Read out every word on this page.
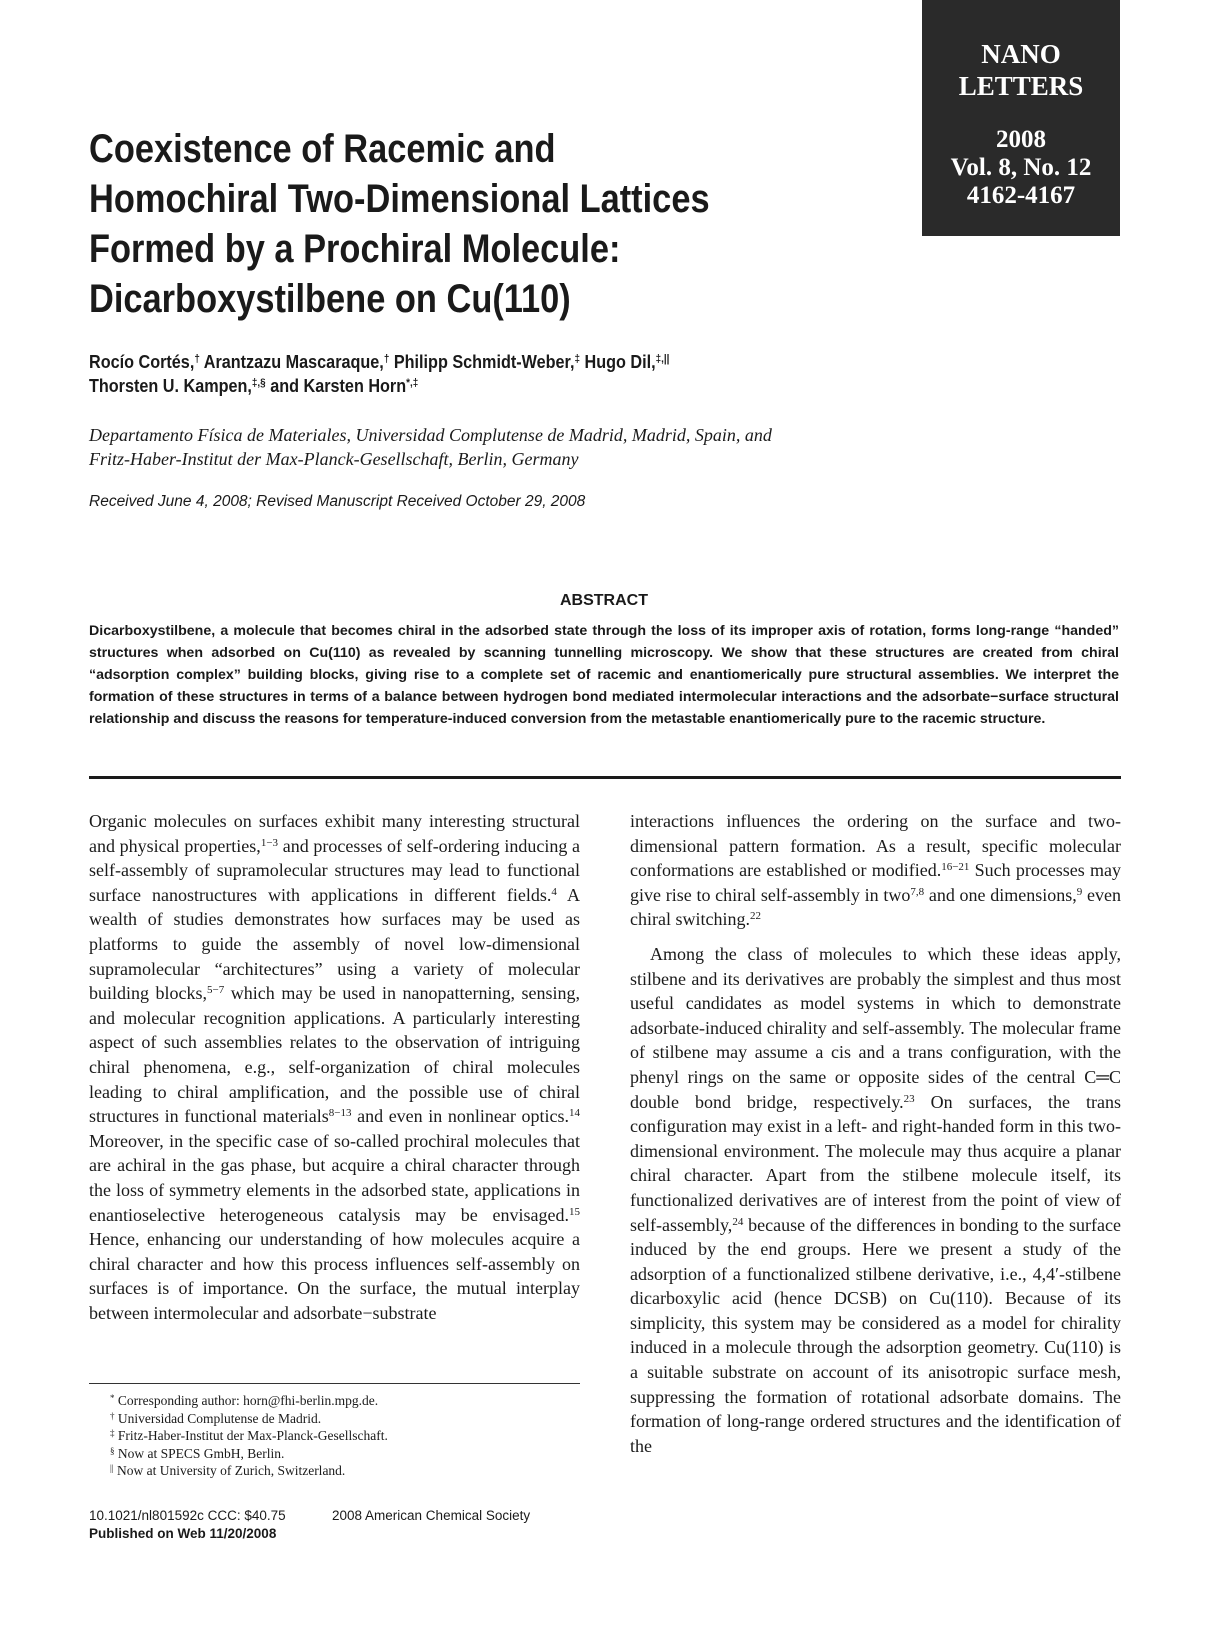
NANO
LETTERS
2008
Vol. 8, No. 12
4162-4167
Coexistence of Racemic and Homochiral Two-Dimensional Lattices Formed by a Prochiral Molecule: Dicarboxystilbene on Cu(110)
Rocío Cortés,† Arantzazu Mascaraque,† Philipp Schmidt-Weber,‡ Hugo Dil,‡,||
Thorsten U. Kampen,‡,§ and Karsten Horn*,‡
Departamento Física de Materiales, Universidad Complutense de Madrid, Madrid, Spain, and Fritz-Haber-Institut der Max-Planck-Gesellschaft, Berlin, Germany
Received June 4, 2008; Revised Manuscript Received October 29, 2008
ABSTRACT
Dicarboxystilbene, a molecule that becomes chiral in the adsorbed state through the loss of its improper axis of rotation, forms long-range “handed” structures when adsorbed on Cu(110) as revealed by scanning tunnelling microscopy. We show that these structures are created from chiral “adsorption complex” building blocks, giving rise to a complete set of racemic and enantiomerically pure structural assemblies. We interpret the formation of these structures in terms of a balance between hydrogen bond mediated intermolecular interactions and the adsorbate−surface structural relationship and discuss the reasons for temperature-induced conversion from the metastable enantiomerically pure to the racemic structure.

Organic molecules on surfaces exhibit many interesting structural and physical properties,$^{1-3}$ and processes of self-ordering inducing a self-assembly of supramolecular structures may lead to functional surface nanostructures with applications in different fields.$^4$ A wealth of studies demonstrates how surfaces may be used as platforms to guide the assembly of novel low-dimensional supramolecular “architectures” using a variety of molecular building blocks,$^{5-7}$ which may be used in nanopatterning, sensing, and molecular recognition applications. A particularly interesting aspect of such assemblies relates to the observation of intriguing chiral phenomena, e.g., self-organization of chiral molecules leading to chiral amplification, and the possible use of chiral structures in functional materials$^{8-13}$ and even in nonlinear optics.$^{14}$ Moreover, in the specific case of so-called prochiral molecules that are achiral in the gas phase, but acquire a chiral character through the loss of symmetry elements in the adsorbed state, applications in enantioselective heterogeneous catalysis may be envisaged.$^{15}$ Hence, enhancing our understanding of how molecules acquire a chiral character and how this process influences self-assembly on surfaces is of importance. On the surface, the mutual interplay between intermolecular and adsorbate−substrate

interactions influences the ordering on the surface and two-dimensional pattern formation. As a result, specific molecular conformations are established or modified.$^{16-21}$ Such processes may give rise to chiral self-assembly in two$^{7,8}$ and one dimensions,$^9$ even chiral switching.$^{22}$

Among the class of molecules to which these ideas apply, stilbene and its derivatives are probably the simplest and thus most useful candidates as model systems in which to demonstrate adsorbate-induced chirality and self-assembly. The molecular frame of stilbene may assume a cis and a trans configuration, with the phenyl rings on the same or opposite sides of the central C═C double bond bridge, respectively.$^{23}$ On surfaces, the trans configuration may exist in a left- and right-handed form in this two-dimensional environment. The molecule may thus acquire a planar chiral character. Apart from the stilbene molecule itself, its functionalized derivatives are of interest from the point of view of self-assembly,$^{24}$ because of the differences in bonding to the surface induced by the end groups. Here we present a study of the adsorption of a functionalized stilbene derivative, i.e., 4,4′-stilbene dicarboxylic acid (hence DCSB) on Cu(110). Because of its simplicity, this system may be considered as a model for chirality induced in a molecule through the adsorption geometry. Cu(110) is a suitable substrate on account of its anisotropic surface mesh, suppressing the formation of rotational adsorbate domains. The formation of long-range ordered structures and the identification of the

* Corresponding author: horn@fhi-berlin.mpg.de.
† Universidad Complutense de Madrid.
‡ Fritz-Haber-Institut der Max-Planck-Gesellschaft.
§ Now at SPECS GmbH, Berlin.
|| Now at University of Zurich, Switzerland.
10.1021/nl801592c CCC: $40.75	2008 American Chemical Society
Published on Web 11/20/2008
